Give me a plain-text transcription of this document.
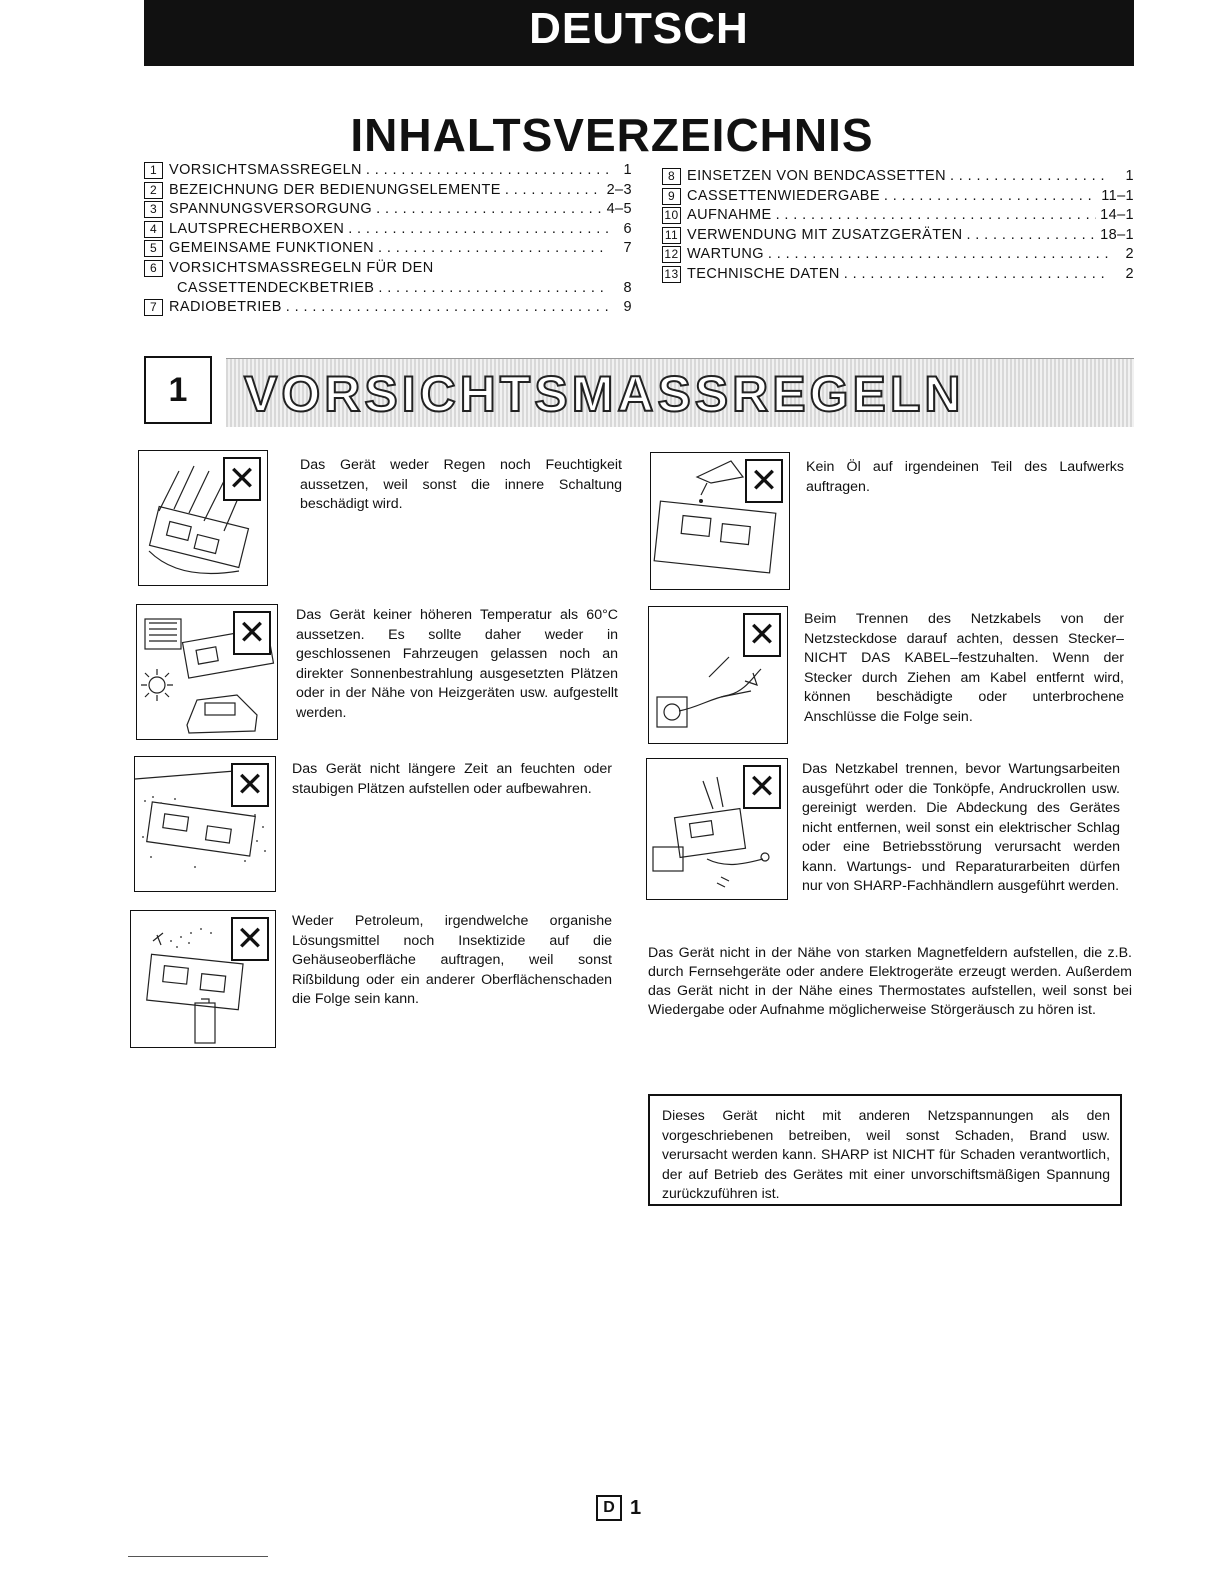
DEUTSCH
INHALTSVERZEICHNIS
1 VORSICHTSMASSREGELN . . .	1
2 BEZEICHNUNG DER BEDIENUNGSELEMENTE . . .	2–3
3 SPANNUNGSVERSORGUNG . . .	4–5
4 LAUTSPRECHERBOXEN . . .	6
5 GEMEINSAME FUNKTIONEN . . .	7
6 VORSICHTSMASSREGELN FÜR DEN
CASSETTENDECKBETRIEB . . .	8
7 RADIOBETRIEB . . .	9
8 EINSETZEN VON BENDCASSETTEN . . .	1
9 CASSETTENWIEDERGABE . . .	11–1
10 AUFNAHME . . .	14–1
11 VERWENDUNG MIT ZUSATZGERÄTEN . . .	18–1
12 WARTUNG . . .	2
13 TECHNISCHE DATEN . . .	2
1	VORSICHTSMASSREGELN
✕	Das Gerät weder Regen noch Feuchtigkeit aussetzen, weil sonst die innere Schaltung beschädigt wird.
✕	Das Gerät keiner höheren Temperatur als 60°C aussetzen. Es sollte daher weder in geschlossenen Fahrzeugen gelassen noch an direkter Sonnenbestrahlung ausgesetzten Plätzen oder in der Nähe von Heizgeräten usw. aufgestellt werden.
✕	Das Gerät nicht längere Zeit an feuchten oder staubigen Plätzen aufstellen oder aufbewahren.
✕	Weder Petroleum, irgendwelche organishe Lösungsmittel noch Insektizide auf die Gehäuseoberfläche auftragen, weil sonst Rißbildung oder ein anderer Oberflächenschaden die Folge sein kann.
✕	Kein Öl auf irgendeinen Teil des Laufwerks auftragen.
✕	Beim Trennen des Netzkabels von der Netzsteckdose darauf achten, dessen Stecker– NICHT DAS KABEL–festzuhalten. Wenn der Stecker durch Ziehen am Kabel entfernt wird, können beschädigte oder unterbrochene Anschlüsse die Folge sein.
✕	Das Netzkabel trennen, bevor Wartungsarbeiten ausgeführt oder die Tonköpfe, Andruckrollen usw. gereinigt werden. Die Abdeckung des Gerätes nicht entfernen, weil sonst ein elektrischer Schlag oder eine Betriebsstörung verursacht werden kann. Wartungs- und Reparaturarbeiten dürfen nur von SHARP-Fachhändlern ausgeführt werden.
Das Gerät nicht in der Nähe von starken Magnetfeldern aufstellen, die z.B. durch Fernsehgeräte oder andere Elektrogeräte erzeugt werden. Außerdem das Gerät nicht in der Nähe eines Thermostates aufstellen, weil sonst bei Wiedergabe oder Aufnahme möglicherweise Störgeräusch zu hören ist.
Dieses Gerät nicht mit anderen Netzspannungen als den vorgeschriebenen betreiben, weil sonst Schaden, Brand usw. verursacht werden kann. SHARP ist NICHT für Schaden verantwortlich, der auf Betrieb des Gerätes mit einer unvorschiftsmäßigen Spannung zurückzuführen ist.
D 1
